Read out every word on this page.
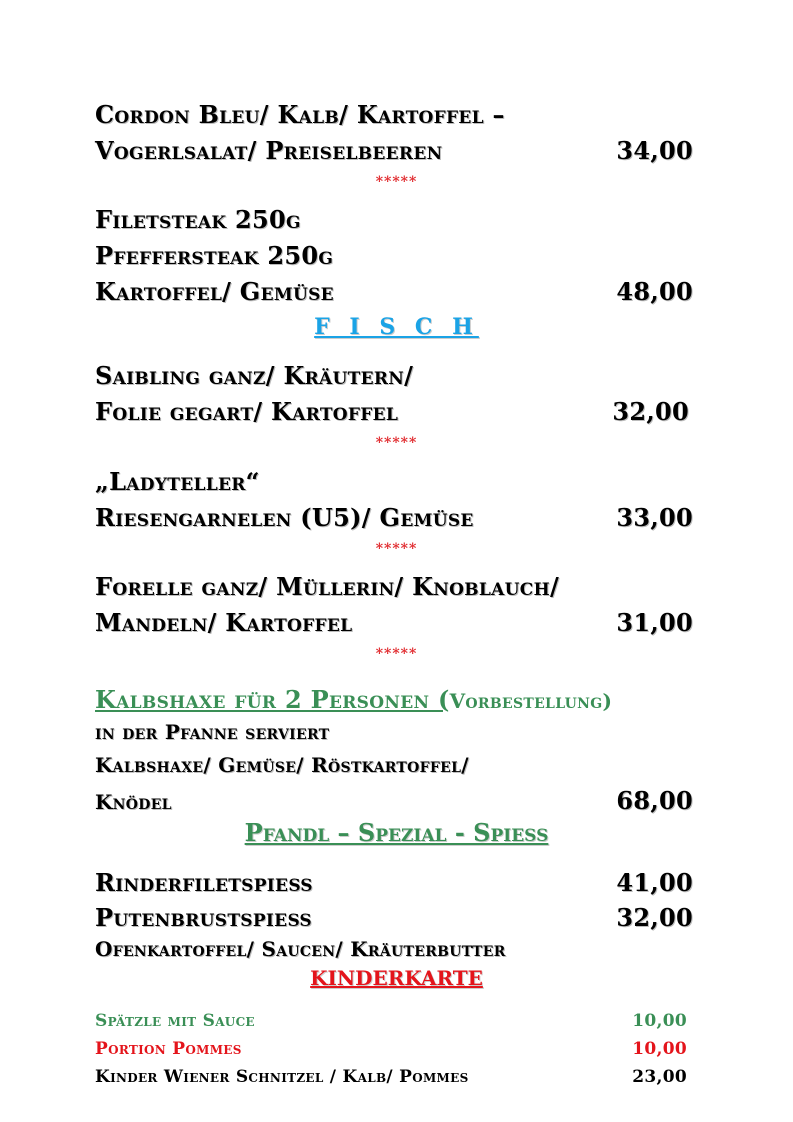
Cordon Bleu/ Kalb/ Kartoffel –
Vogerlsalat/ Preiselbeeren	34,00
*****
Filetsteak 250g
Pfeffersteak 250g
Kartoffel/ Gemüse	48,00
F I S C H
Saibling ganz/ Kräutern/
Folie gegart/ Kartoffel	32,00
*****
„Ladyteller“
Riesengarnelen (U5)/ Gemüse	33,00
*****
Forelle ganz/ Müllerin/ Knoblauch/
Mandeln/ Kartoffel	31,00
*****
Kalbshaxe für 2 Personen (Vorbestellung)
in der Pfanne serviert
Kalbshaxe/ Gemüse/ Röstkartoffel/
Knödel	68,00
Pfandl – Spezial - Spieß
Rinderfiletspieß	41,00
Putenbrustspieß	32,00
Ofenkartoffel/ Saucen/ Kräuterbutter
KINDERKARTE
Spätzle mit Sauce	10,00
Portion Pommes	10,00
Kinder Wiener Schnitzel / Kalb/ Pommes	23,00
